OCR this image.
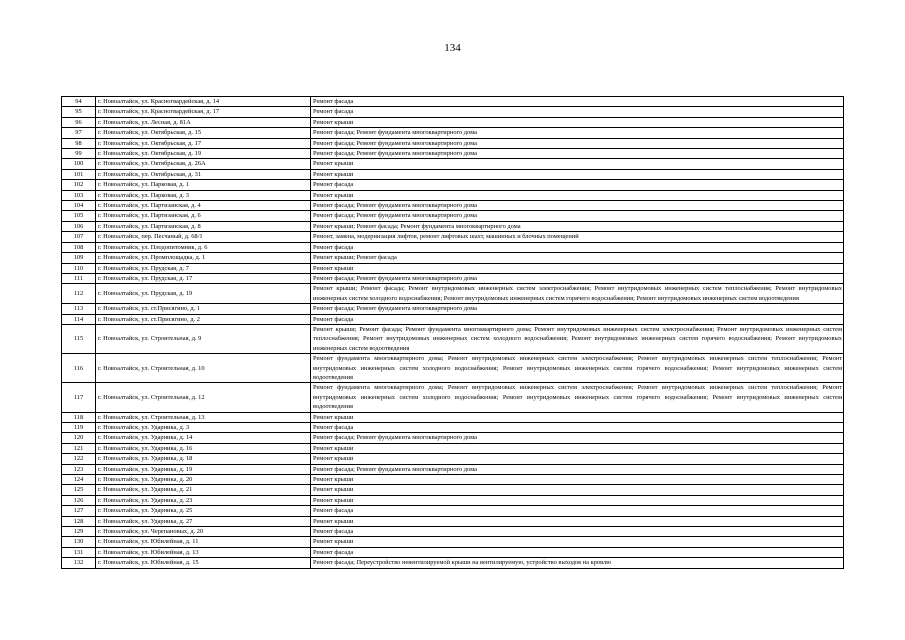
134
94	г. Новоалтайск, ул. Красногвардейская, д. 14	Ремонт фасада
95	г. Новоалтайск, ул. Красногвардейская, д. 17	Ремонт фасада
96	г. Новоалтайск, ул. Лесная, д. 81А	Ремонт крыши
97	г. Новоалтайск, ул. Октябрьская, д. 15	Ремонт фасада; Ремонт фундамента многоквартирного дома
98	г. Новоалтайск, ул. Октябрьская, д. 17	Ремонт фасада; Ремонт фундамента многоквартирного дома
99	г. Новоалтайск, ул. Октябрьская, д. 19	Ремонт фасада; Ремонт фундамента многоквартирного дома
100	г. Новоалтайск, ул. Октябрьская, д. 26А	Ремонт крыши
101	г. Новоалтайск, ул. Октябрьская, д. 31	Ремонт крыши
102	г. Новоалтайск, ул. Парковая, д. 1	Ремонт фасада
103	г. Новоалтайск, ул. Парковая, д. 3	Ремонт крыши
104	г. Новоалтайск, ул. Партизанская, д. 4	Ремонт фасада; Ремонт фундамента многоквартирного дома
105	г. Новоалтайск, ул. Партизанская, д. 6	Ремонт фасада; Ремонт фундамента многоквартирного дома
106	г. Новоалтайск, ул. Партизанская, д. 8	Ремонт крыши; Ремонт фасада; Ремонт фундамента многоквартирного дома
107	г. Новоалтайск, пер. Песчаный, д. 68/1	Ремонт, замена, модернизация лифтов, ремонт лифтовых шахт, машинных и блочных помещений
108	г. Новоалтайск, ул. Плодопитомник, д. 6	Ремонт фасада
109	г. Новоалтайск, ул. Промплощадка, д. 1	Ремонт крыши; Ремонт фасада
110	г. Новоалтайск, ул. Прудская, д. 7	Ремонт крыши
111	г. Новоалтайск, ул. Прудская, д. 17	Ремонт фасада; Ремонт фундамента многоквартирного дома
112	г. Новоалтайск, ул. Прудская, д. 19	Ремонт крыши; Ремонт фасада; Ремонт внутридомовых инженерных систем электроснабжения; Ремонт внутридомовых инженерных систем теплоснабжения; Ремонт внутридомовых инженерных систем холодного водоснабжения; Ремонт внутридомовых инженерных систем горячего водоснабжения; Ремонт внутридомовых инженерных систем водоотведения
113	г. Новоалтайск, ул. ст.Присягино, д. 1	Ремонт фасада; Ремонт фундамента многоквартирного дома
114	г. Новоалтайск, ул. ст.Присягино, д. 2	Ремонт фасада
115	г. Новоалтайск, ул. Строительная, д. 9	Ремонт крыши; Ремонт фасада; Ремонт фундамента многоквартирного дома; Ремонт внутридомовых инженерных систем электроснабжения; Ремонт внутридомовых инженерных систем теплоснабжения; Ремонт внутридомовых инженерных систем холодного водоснабжения; Ремонт внутридомовых инженерных систем горячего водоснабжения; Ремонт внутридомовых инженерных систем водоотведения
116	г. Новоалтайск, ул. Строительная, д. 10	Ремонт фундамента многоквартирного дома; Ремонт внутридомовых инженерных систем электроснабжения; Ремонт внутридомовых инженерных систем теплоснабжения; Ремонт внутридомовых инженерных систем холодного водоснабжения; Ремонт внутридомовых инженерных систем горячего водоснабжения; Ремонт внутридомовых инженерных систем водоотведения
117	г. Новоалтайск, ул. Строительная, д. 12	Ремонт фундамента многоквартирного дома; Ремонт внутридомовых инженерных систем электроснабжения; Ремонт внутридомовых инженерных систем теплоснабжения; Ремонт внутридомовых инженерных систем холодного водоснабжения; Ремонт внутридомовых инженерных систем горячего водоснабжения; Ремонт внутридомовых инженерных систем водоотведения
118	г. Новоалтайск, ул. Строительная, д. 13	Ремонт крыши
119	г. Новоалтайск, ул. Ударника, д. 3	Ремонт фасада
120	г. Новоалтайск, ул. Ударника, д. 14	Ремонт фасада; Ремонт фундамента многоквартирного дома
121	г. Новоалтайск, ул. Ударника, д. 16	Ремонт крыши
122	г. Новоалтайск, ул. Ударника, д. 18	Ремонт крыши
123	г. Новоалтайск, ул. Ударника, д. 19	Ремонт фасада; Ремонт фундамента многоквартирного дома
124	г. Новоалтайск, ул. Ударника, д. 20	Ремонт крыши
125	г. Новоалтайск, ул. Ударника, д. 21	Ремонт крыши
126	г. Новоалтайск, ул. Ударника, д. 23	Ремонт крыши
127	г. Новоалтайск, ул. Ударника, д. 25	Ремонт фасада
128	г. Новоалтайск, ул. Ударника, д. 27	Ремонт крыши
129	г. Новоалтайск, ул. Черепановых, д. 20	Ремонт фасада
130	г. Новоалтайск, ул. Юбилейная, д. 11	Ремонт крыши
131	г. Новоалтайск, ул. Юбилейная, д. 13	Ремонт фасада
132	г. Новоалтайск, ул. Юбилейная, д. 15	Ремонт фасада; Переустройство невентилируемой крыши на вентилируемую, устройство выходов на кровлю
